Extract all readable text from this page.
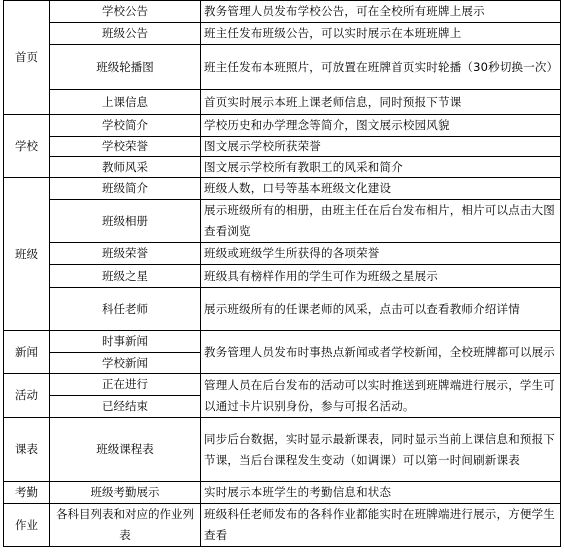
首页	学校公告	教务管理人员发布学校公告，可在全校所有班牌上展示
	班级公告	班主任发布班级公告，可以实时展示在本班班牌上
	班级轮播图	班主任发布本班照片，可放置在班牌首页实时轮播（30秒切换一次）
	上课信息	首页实时展示本班上课老师信息，同时预报下节课
学校	学校简介	学校历史和办学理念等简介，图文展示校园风貌
	学校荣誉	图文展示学校所获荣誉
	教师风采	图文展示学校所有教职工的风采和简介
班级	班级简介	班级人数，口号等基本班级文化建设
	班级相册	展示班级所有的相册，由班主任在后台发布相片，相片可以点击大图查看浏览
	班级荣誉	班级或班级学生所获得的各项荣誉
	班级之星	班级具有榜样作用的学生可作为班级之星展示
	科任老师	展示班级所有的任课老师的风采，点击可以查看教师介绍详情
新闻	时事新闻	教务管理人员发布时事热点新闻或者学校新闻，全校班牌都可以展示
	学校新闻	
活动	正在进行	管理人员在后台发布的活动可以实时推送到班牌端进行展示，学生可以通过卡片识别身份，参与可报名活动。
	已经结束	
课表	班级课程表	同步后台数据，实时显示最新课表，同时显示当前上课信息和预报下节课，当后台课程发生变动（如调课）可以第一时间刷新课表
考勤	班级考勤展示	实时展示本班学生的考勤信息和状态
作业	各科目列表和对应的作业列表	班级科任老师发布的各科作业都能实时在班牌端进行展示，方便学生查看
